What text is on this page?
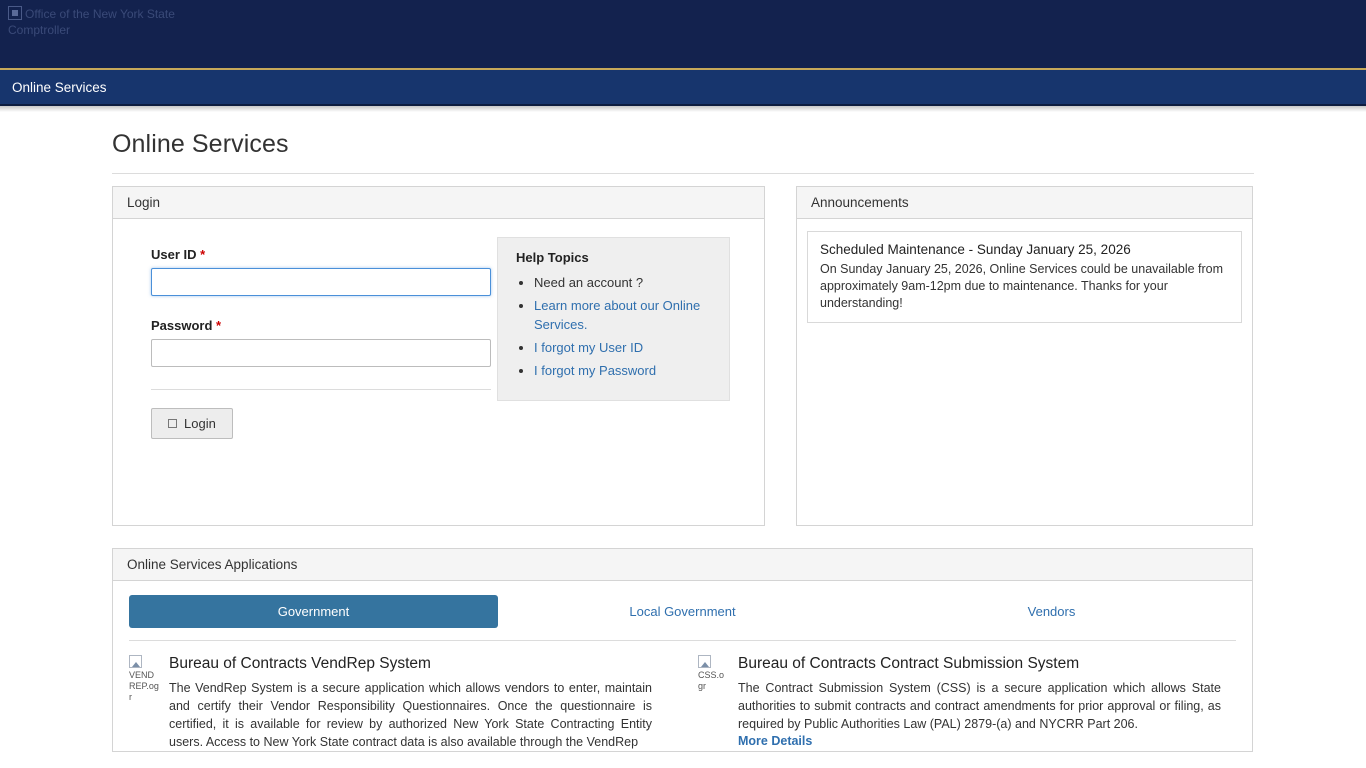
Office of the New York State Comptroller
Online Services
Online Services
Login
User ID *
Password *
Login
Help Topics
• Need an account ?
• Learn more about our Online Services.
• I forgot my User ID
• I forgot my Password
Announcements
Scheduled Maintenance - Sunday January 25, 2026
On Sunday January 25, 2026, Online Services could be unavailable from approximately 9am-12pm due to maintenance. Thanks for your understanding!
Online Services Applications
Government	Local Government	Vendors
VENDREP.ogr
Bureau of Contracts VendRep System

The VendRep System is a secure application which allows vendors to enter, maintain and certify their Vendor Responsibility Questionnaires. Once the questionnaire is certified, it is available for review by authorized New York State Contracting Entity users. Access to New York State contract data is also available through the VendRep

CSS.ogr
Bureau of Contracts Contract Submission System

The Contract Submission System (CSS) is a secure application which allows State authorities to submit contracts and contract amendments for prior approval or filing, as required by Public Authorities Law (PAL) 2879-(a) and NYCRR Part 206.

More Details
